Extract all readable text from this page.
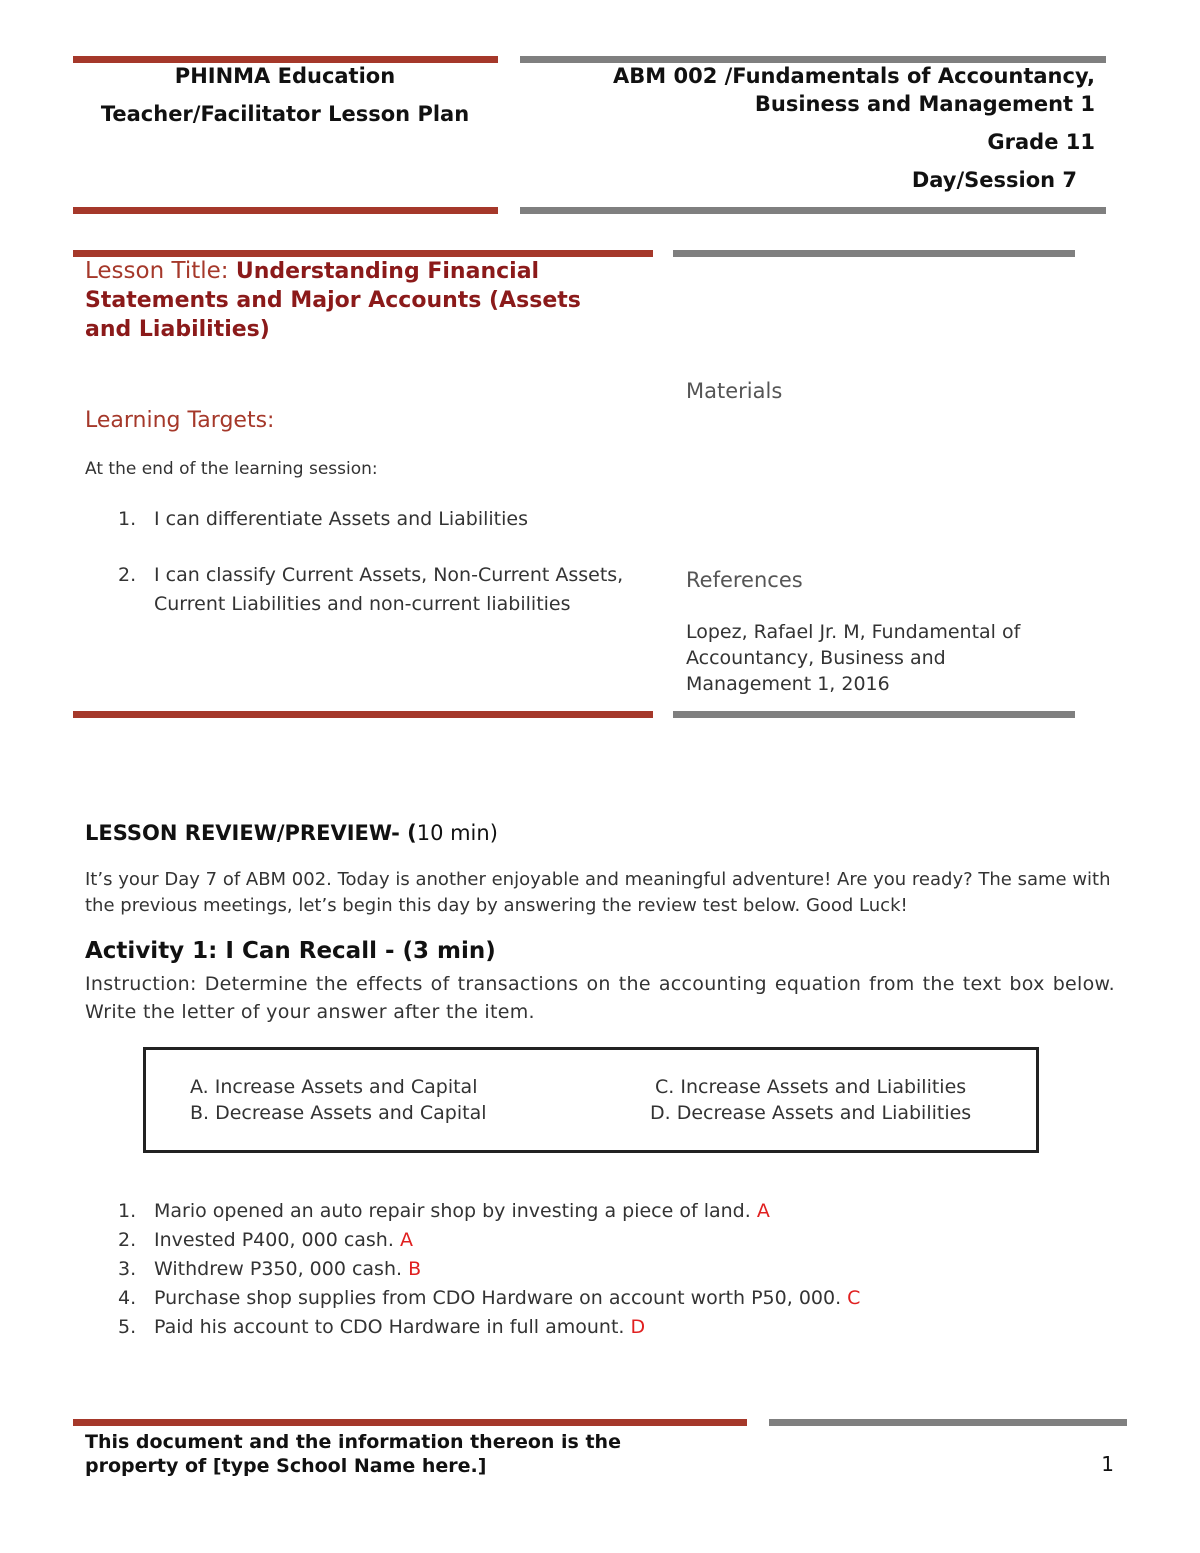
PHINMA Education
Teacher/Facilitator Lesson Plan
ABM 002 /Fundamentals of Accountancy,
Business and Management 1
Grade 11
Day/Session 7
Lesson Title: Understanding Financial Statements and Major Accounts (Assets and Liabilities)
Learning Targets:
At the end of the learning session:
1. I can differentiate Assets and Liabilities
2. I can classify Current Assets, Non-Current Assets, Current Liabilities and non-current liabilities
Materials
References
Lopez, Rafael Jr. M, Fundamental of Accountancy, Business and Management 1, 2016
LESSON REVIEW/PREVIEW- (10 min)
It’s your Day 7 of ABM 002. Today is another enjoyable and meaningful adventure! Are you ready? The same with the previous meetings, let’s begin this day by answering the review test below. Good Luck!
Activity 1: I Can Recall - (3 min)
Instruction: Determine the effects of transactions on the accounting equation from the text box below. Write the letter of your answer after the item.
A. Increase Assets and Capital
B. Decrease Assets and Capital
C. Increase Assets and Liabilities
D. Decrease Assets and Liabilities
1. Mario opened an auto repair shop by investing a piece of land. A
2. Invested P400, 000 cash. A
3. Withdrew P350, 000 cash. B
4. Purchase shop supplies from CDO Hardware on account worth P50, 000. C
5. Paid his account to CDO Hardware in full amount. D
This document and the information thereon is the property of [type School Name here.]	1
